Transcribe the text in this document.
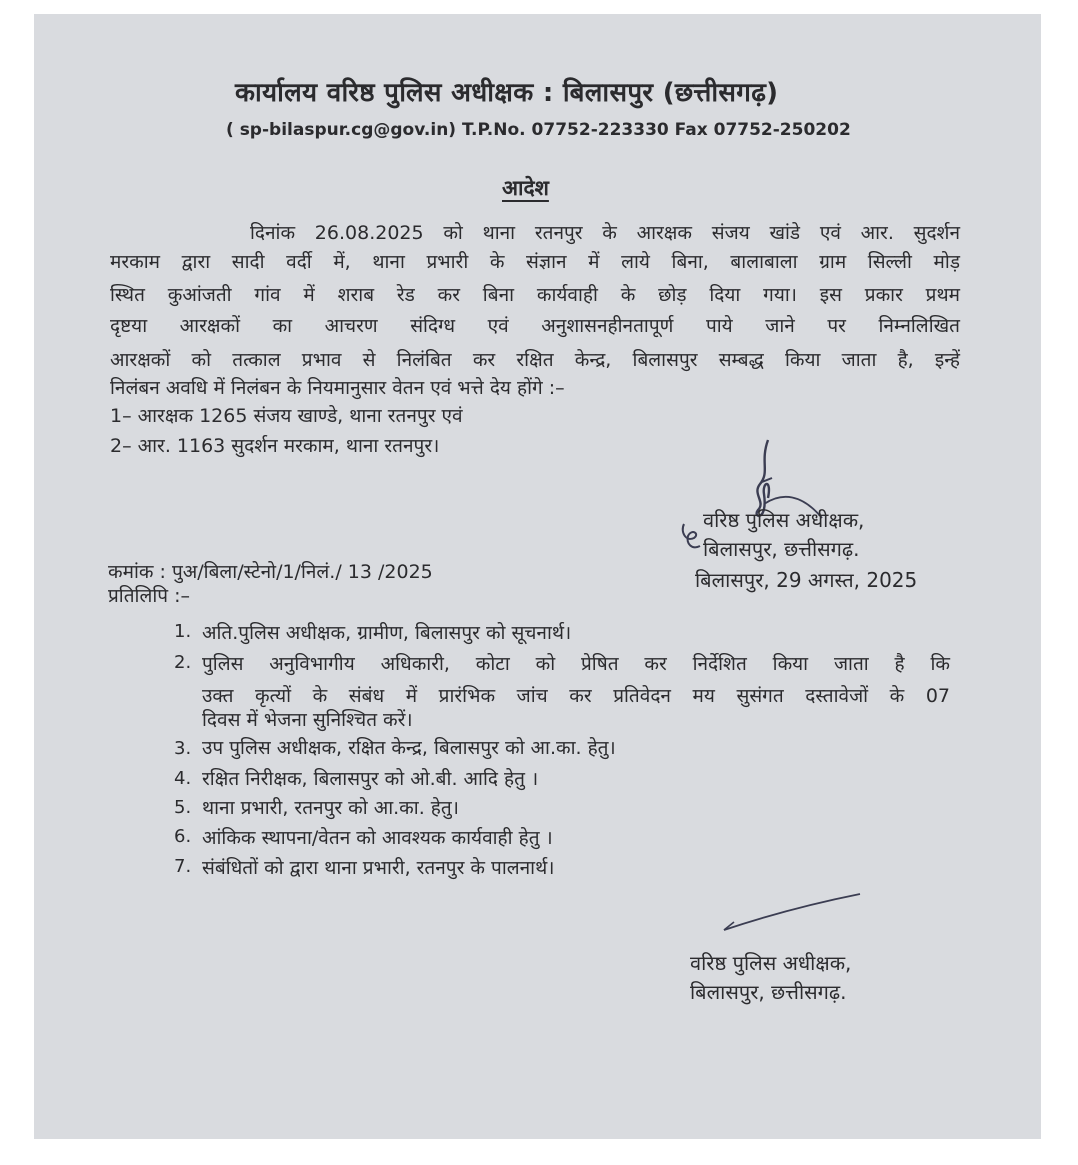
कार्यालय वरिष्ठ पुलिस अधीक्षक : बिलासपुर (छत्तीसगढ़)
( sp-bilaspur.cg@gov.in) T.P.No. 07752-223330 Fax 07752-250202
आदेश
दिनांक 26.08.2025 को थाना रतनपुर के आरक्षक संजय खांडे एवं आर. सुदर्शन
मरकाम द्वारा सादी वर्दी में, थाना प्रभारी के संज्ञान में लाये बिना, बालाबाला ग्राम सिल्ली मोड़
स्थित कुआंजती गांव में शराब रेड कर बिना कार्यवाही के छोड़ दिया गया। इस प्रकार प्रथम
दृष्टया आरक्षकों का आचरण संदिग्ध एवं अनुशासनहीनतापूर्ण पाये जाने पर निम्नलिखित
आरक्षकों को तत्काल प्रभाव से निलंबित कर रक्षित केन्द्र, बिलासपुर सम्बद्ध किया जाता है, इन्हें
निलंबन अवधि में निलंबन के नियमानुसार वेतन एवं भत्ते देय होंगे :–
1– आरक्षक 1265 संजय खाण्डे, थाना रतनपुर एवं
2– आर. 1163 सुदर्शन मरकाम, थाना रतनपुर।
वरिष्ठ पुलिस अधीक्षक,
बिलासपुर, छत्तीसगढ़.
बिलासपुर, 29 अगस्त, 2025
कमांक : पुअ/बिला/स्टेनो/1/निलं./ 13 /2025
प्रतिलिपि :–
1. अति.पुलिस अधीक्षक, ग्रामीण, बिलासपुर को सूचनार्थ।
2. पुलिस अनुविभागीय अधिकारी, कोटा को प्रेषित कर निर्देशित किया जाता है कि
उक्त कृत्यों के संबंध में प्रारंभिक जांच कर प्रतिवेदन मय सुसंगत दस्तावेजों के 07
दिवस में भेजना सुनिश्चित करें।
3. उप पुलिस अधीक्षक, रक्षित केन्द्र, बिलासपुर को आ.का. हेतु।
4. रक्षित निरीक्षक, बिलासपुर को ओ.बी. आदि हेतु ।
5. थाना प्रभारी, रतनपुर को आ.का. हेतु।
6. आंकिक स्थापना/वेतन को आवश्यक कार्यवाही हेतु ।
7. संबंधितों को द्वारा थाना प्रभारी, रतनपुर के पालनार्थ।
वरिष्ठ पुलिस अधीक्षक,
बिलासपुर, छत्तीसगढ़.
